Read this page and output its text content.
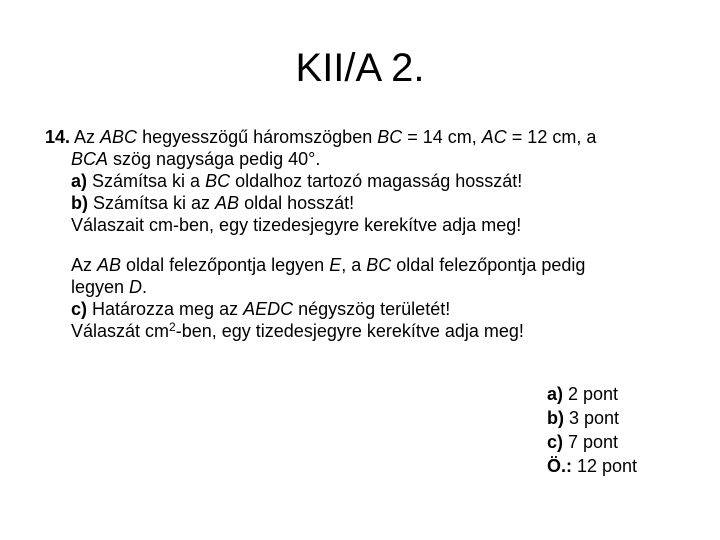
KII/A 2.
14. Az ABC hegyesszögű háromszögben BC = 14 cm, AC = 12 cm, a
BCA szög nagysága pedig 40°.
a) Számítsa ki a BC oldalhoz tartozó magasság hosszát!
b) Számítsa ki az AB oldal hosszát!
Válaszait cm-ben, egy tizedesjegyre kerekítve adja meg!
Az AB oldal felezőpontja legyen E, a BC oldal felezőpontja pedig
legyen D.
c) Határozza meg az AEDC négyszög területét!
Válaszát $cm^2$-ben, egy tizedesjegyre kerekítve adja meg!
a) 2 pont
b) 3 pont
c) 7 pont
Ö.: 12 pont
